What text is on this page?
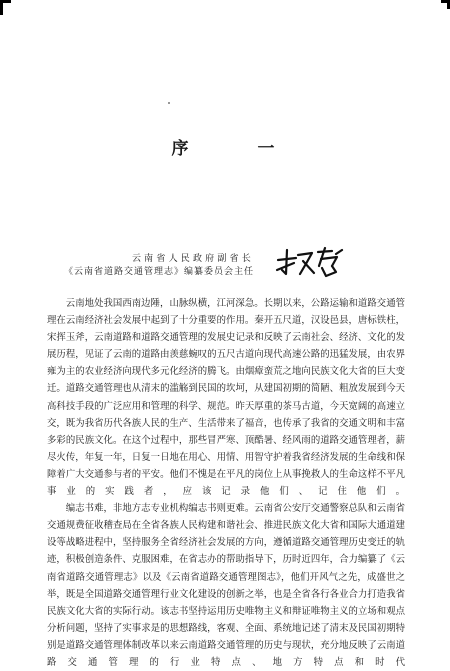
序　一
云南省人民政府副省长
《云南省道路交通管理志》编纂委员会主任

云南地处我国西南边陲，山脉纵横，江河深急。长期以来，公路运输和道路交通管理在云南经济社会发展中起到了十分重要的作用。秦开五尺道，汉设邑县，唐标铁柱，宋挥玉斧，云南道路和道路交通管理的发展史记录和反映了云南社会、经济、文化的发展历程，见证了云南的道路由羡慈蜿叹的五尺古道向现代高速公路的迅猛发展，由农界雍为主的农业经济向现代多元化经济的腾飞。由烟瘴蛮荒之地向民族文化大省的巨大变迁。道路交通管理也从清末的滥觞到民国的坎坷，从建国初期的简陋、粗放发展到今天高科技手段的广泛应用和管理的科学、规范。昨天厚重的茶马古道，今天宽阔的高速立交，既为我省历代各族人民的生产、生活带来了福音，也传承了我省的交通文明和丰富多彩的民族文化。在这个过程中，那些冒严寒、顶酷暑、经风雨的道路交通管理者，薪尽火传，年复一年，日复一日地在用心、用情、用智守护着我省经济发展的生命线和保障着广大交通参与者的平安。他们不愧是在平凡的岗位上从事挽救人的生命这样不平凡事业的实践者，应该记录他们、记住他们。

编志书难，非地方志专业机构编志书则更难。云南省公安厅交通警察总队和云南省交通规费征收稽查局在全省各族人民构建和谐社会、推进民族文化大省和国际大通道建设等战略进程中，坚持服务全省经济社会发展的方向，遵循道路交通管理历史变迁的轨迹，积极创造条件、克服困难，在省志办的帮助指导下，历时近四年，合力编纂了《云南省道路交通管理志》以及《云南省道路交通管理图志》，他们开风气之先，成盛世之举，既是全国道路交通管理行业文化建设的创新之举，也是全省各行各业合力打造我省民族文化大省的实际行动。该志书坚持运用历史唯物主义和辩证唯物主义的立场和观点分析问题，坚持了实事求是的思想路线，客观、全面、系统地记述了清末及民国初期特别是道路交通管理体制改革以来云南道路交通管理的历史与现状，充分地反映了云南道路交通管理的行业特点、地方特点和时代
